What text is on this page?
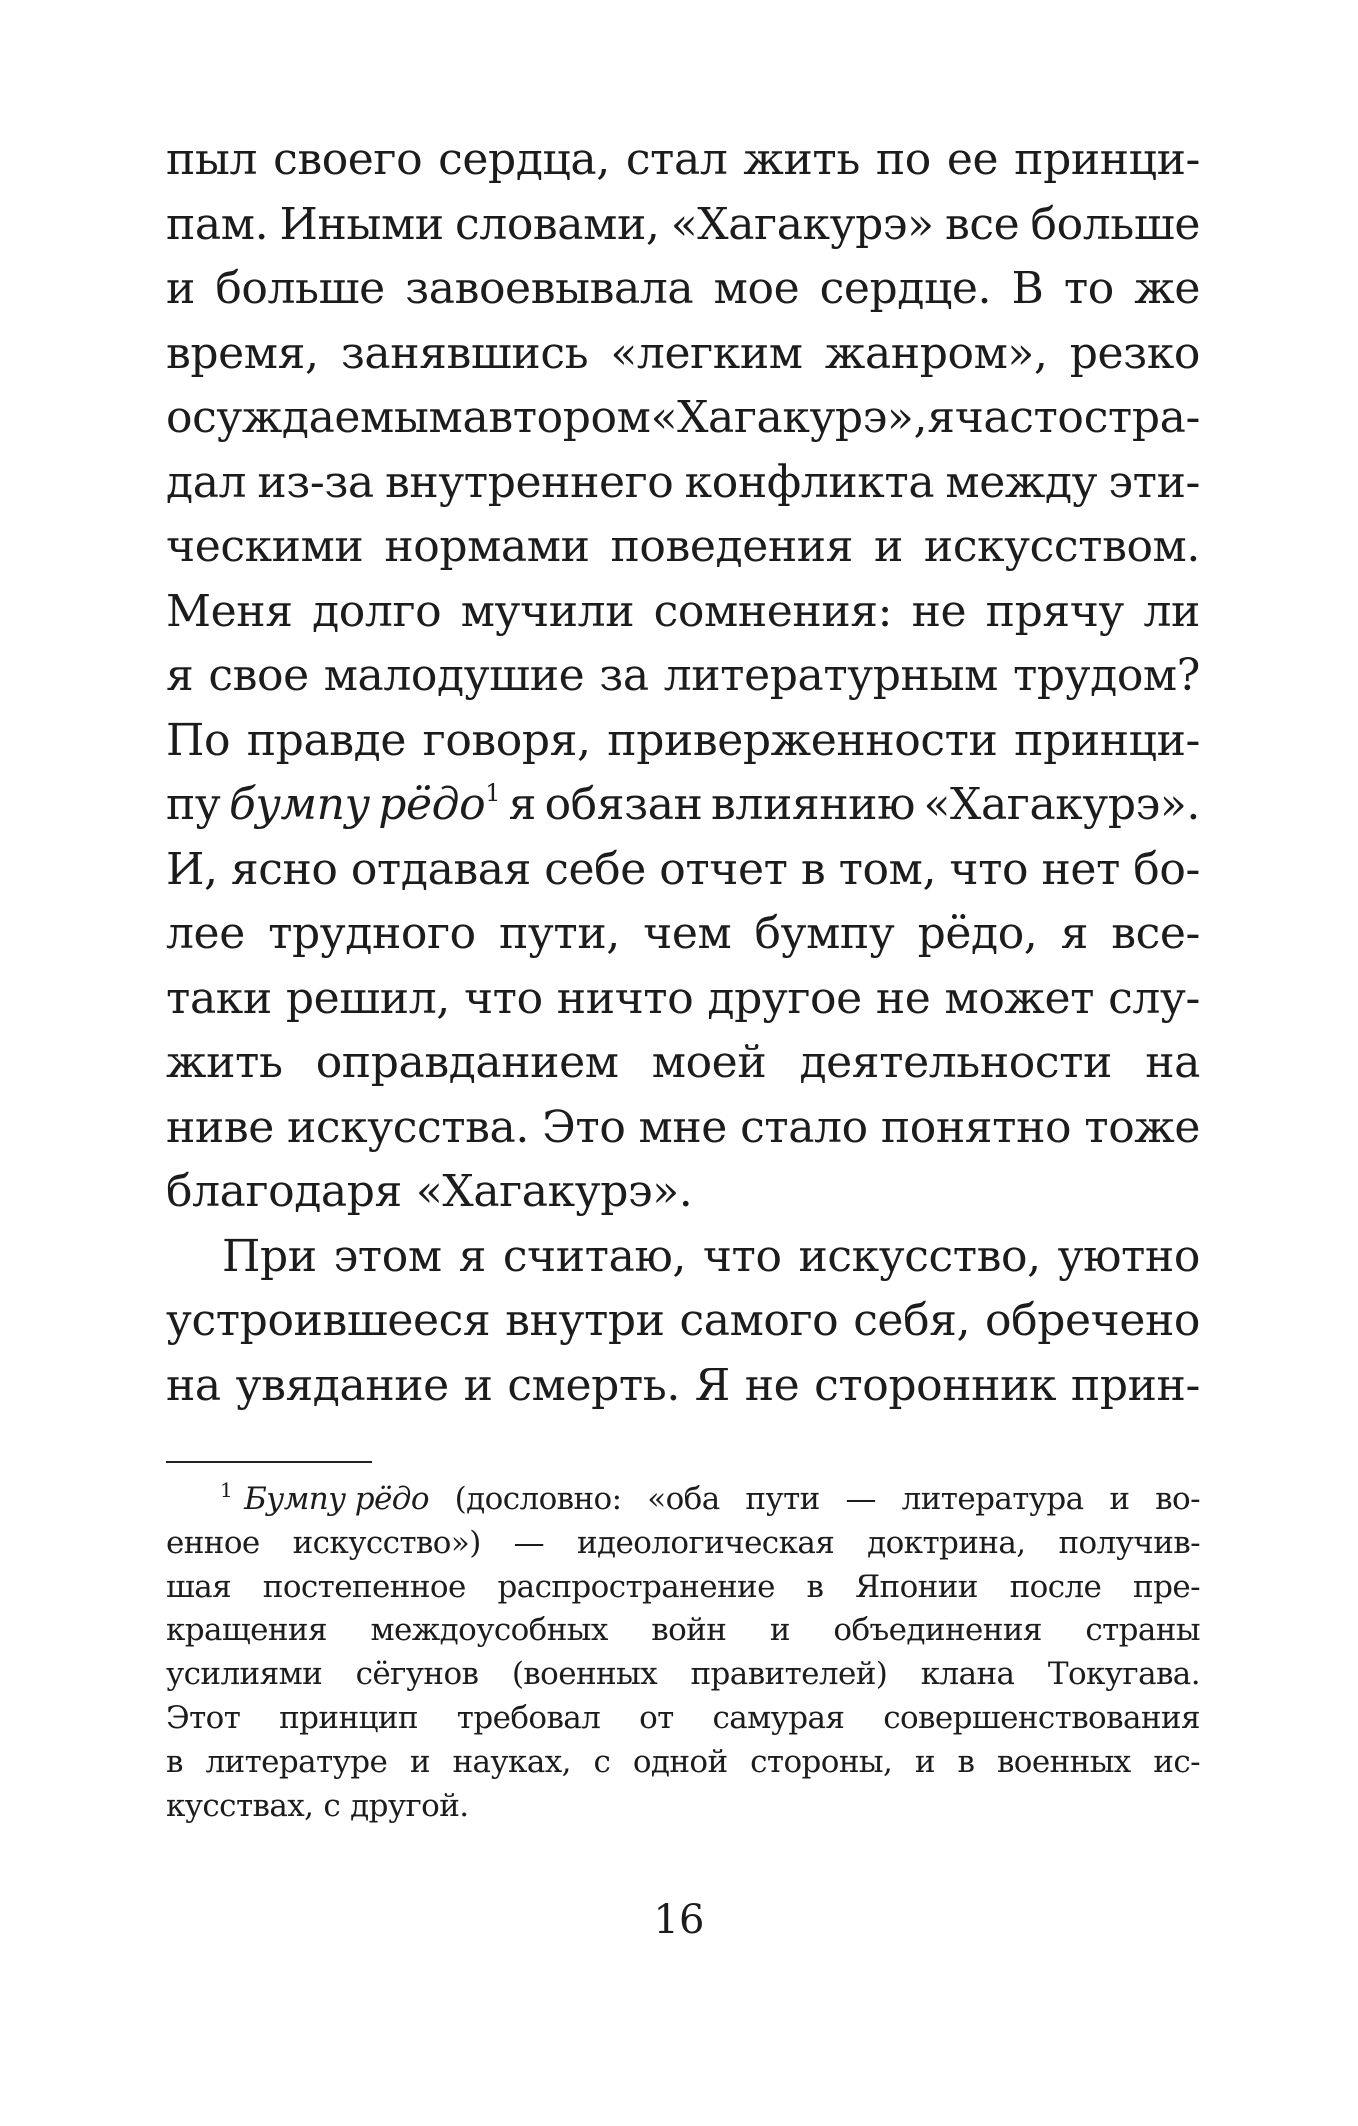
пыл своего сердца, стал жить по ее принци-
пам. Иными словами, «Хагакурэ» все больше
и больше завоевывала мое сердце. В то же
время, занявшись «легким жанром», резко
осуждаемым автором «Хагакурэ», я часто стра-
дал из-за внутреннего конфликта между эти-
ческими нормами поведения и искусством.
Меня долго мучили сомнения: не прячу ли
я свое малодушие за литературным трудом?
По правде говоря, приверженности принци-
пу бумпу рёдо$^1$ я обязан влиянию «Хагакурэ».
И, ясно отдавая себе отчет в том, что нет бо-
лее трудного пути, чем бумпу рёдо, я все-
таки решил, что ничто другое не может слу-
жить оправданием моей деятельности на
ниве искусства. Это мне стало понятно тоже
благодаря «Хагакурэ».
При этом я считаю, что искусство, уютно
устроившееся внутри самого себя, обречено
на увядание и смерть. Я не сторонник прин-
$^1$ Бумпу рёдо (дословно: «оба пути — литература и во-
енное искусство») — идеологическая доктрина, получив-
шая постепенное распространение в Японии после пре-
кращения междоусобных войн и объединения страны
усилиями сёгунов (военных правителей) клана Токугава.
Этот принцип требовал от самурая совершенствования
в литературе и науках, с одной стороны, и в военных ис-
кусствах, с другой.
16
